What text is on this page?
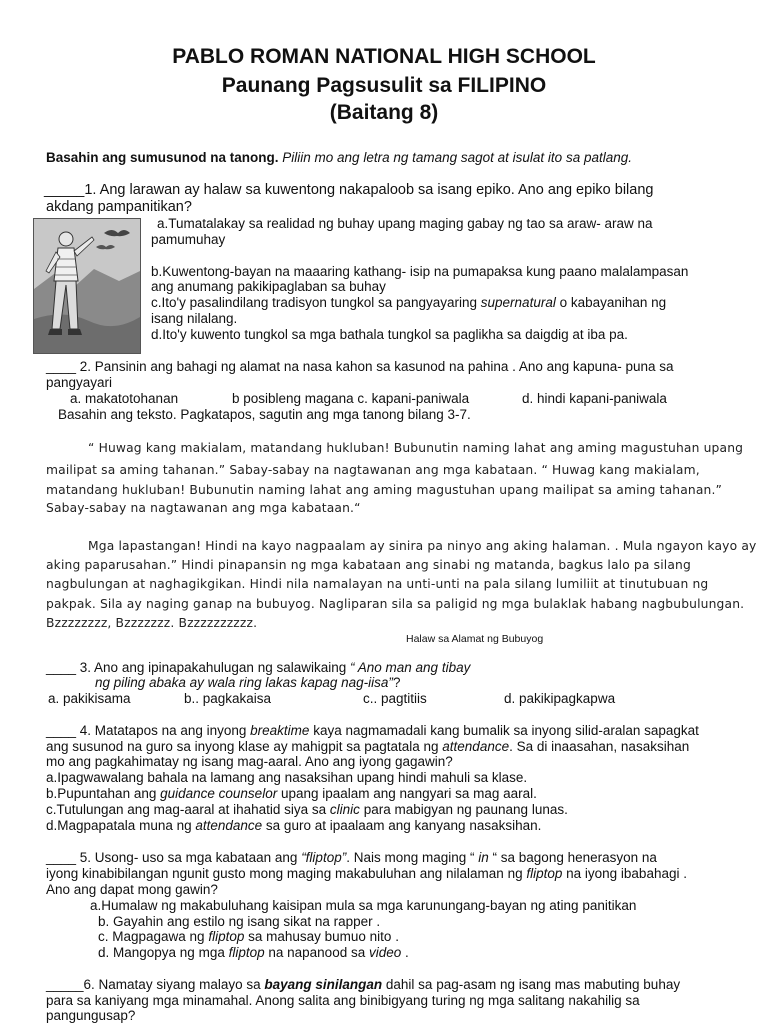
PABLO ROMAN NATIONAL HIGH SCHOOL
Paunang Pagsusulit sa FILIPINO
(Baitang 8)

Basahin ang sumusunod na tanong. Piliin mo ang letra ng tamang sagot at isulat ito sa patlang.

_____1. Ang larawan ay halaw sa kuwentong nakapaloob sa isang epiko. Ano ang epiko bilang

akdang pampanitikan?

a.Tumatalakay sa realidad ng buhay upang maging gabay ng tao sa araw- araw na

pamumuhay

b.Kuwentong-bayan na maaaring kathang- isip na pumapaksa kung paano malalampasan

ang anumang pakikipaglaban sa buhay

c.Ito'y pasalindilang tradisyon tungkol sa pangyayaring supernatural o kabayanihan ng

isang nilalang.

d.Ito'y kuwento tungkol sa mga bathala tungkol sa paglikha sa daigdig at iba pa.

____ 2. Pansinin ang bahagi ng alamat na nasa kahon sa kasunod na pahina . Ano ang kapuna- puna sa

pangyayari

a. makatotohanan	b posibleng magana c. kapani-paniwala	d. hindi kapani-paniwala

Basahin ang teksto. Pagkatapos, sagutin ang mga tanong bilang 3-7.

“ Huwag kang makialam, matandang hukluban! Bubunutin naming lahat ang aming magustuhan upang

mailipat sa aming tahanan.” Sabay-sabay na nagtawanan ang mga kabataan. “ Huwag kang makialam,

matandang hukluban! Bubunutin naming lahat ang aming magustuhan upang mailipat sa aming tahanan.”

Sabay-sabay na nagtawanan ang mga kabataan.“

Mga lapastangan! Hindi na kayo nagpaalam ay sinira pa ninyo ang aking halaman. . Mula ngayon kayo ay

aking paparusahan.” Hindi pinapansin ng mga kabataan ang sinabi ng matanda, bagkus lalo pa silang

nagbulungan at naghagikgikan. Hindi nila namalayan na unti-unti na pala silang lumiliit at tinutubuan ng

pakpak. Sila ay naging ganap na bubuyog. Nagliparan sila sa paligid ng mga bulaklak habang nagbubulungan.

Bzzzzzzzz, Bzzzzzzz. Bzzzzzzzzzz.

Halaw sa Alamat ng Bubuyog

____ 3. Ano ang ipinapakahulugan ng salawikaing “ Ano man ang tibay

ng piling abaka ay wala ring lakas kapag nag-iisa”?

a. pakikisama	b.. pagkakaisa	c.. pagtitiis	d. pakikipagkapwa

____ 4. Matatapos na ang inyong breaktime kaya nagmamadali kang bumalik sa inyong silid-aralan sapagkat

ang susunod na guro sa inyong klase ay mahigpit sa pagtatala ng attendance. Sa di inaasahan, nasaksihan

mo ang pagkahimatay ng isang mag-aaral. Ano ang iyong gagawin?

a.Ipagwawalang bahala na lamang ang nasaksihan upang hindi mahuli sa klase.

b.Pupuntahan ang guidance counselor upang ipaalam ang nangyari sa mag aaral.

c.Tutulungan ang mag-aaral at ihahatid siya sa clinic para mabigyan ng paunang lunas.

d.Magpapatala muna ng attendance sa guro at ipaalaam ang kanyang nasaksihan.

____ 5. Usong- uso sa mga kabataan ang “fliptop”. Nais mong maging “ in “ sa bagong henerasyon na

iyong kinabibilangan ngunit gusto mong maging makabuluhan ang nilalaman ng fliptop na iyong ibabahagi .

Ano ang dapat mong gawin?

a.Humalaw ng makabuluhang kaisipan mula sa mga karunungang-bayan ng ating panitikan

b. Gayahin ang estilo ng isang sikat na rapper .

c. Magpagawa ng fliptop sa mahusay bumuo nito .

d. Mangopya ng mga fliptop na napanood sa video .

_____6. Namatay siyang malayo sa bayang sinilangan dahil sa pag-asam ng isang mas mabuting buhay

para sa kaniyang mga minamahal. Anong salita ang binibigyang turing ng mga salitang nakahilig sa

pangungusap?
